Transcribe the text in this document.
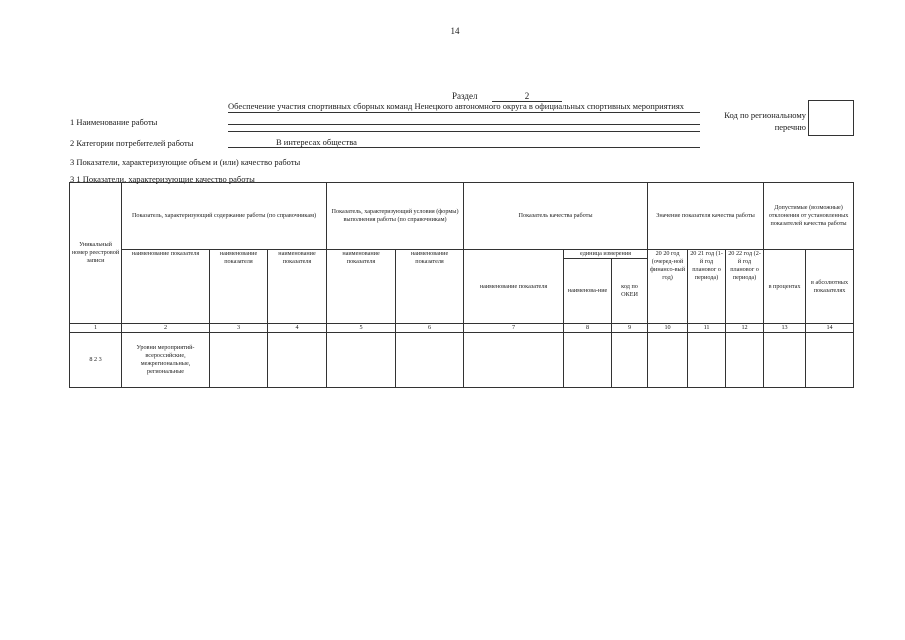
14
Раздел	2
1 Наименование работы
Обеспечение участия спортивных сборных команд Ненецкого автономного округа в официальных спортивных мероприятиях
Код по региональному перечню
2 Категории потребителей работы	В интересах общества
3 Показатели, характеризующие объем и (или) качество работы
3 1 Показатели, характеризующие качество работы
Уникальный номер реестровой записи	Показатель, характеризующий содержание работы (по справочникам)			Показатель, характеризующий условия (формы) выполнения работы (по справочникам)		Показатель качества работы			Значение показателя качества работы			Допустимые (возможные) отклонения от установленных показателей качества работы	
	наименование показателя	наименование показателя	наименование показателя	наименование показателя	наименование показателя	наименование показателя	единица измерения		20 20 год (очеред-ной финансо-вый год)	20 21 год (1-й год плановог о периода)	20 22 год (2-й год плановог о периода)	в процентах	в абсолютных показателях
							наименова-ние	код по ОКЕИ					
1	2	3	4	5	6	7	8	9	10	11	12	13	14
8 2 3	Уровни мероприятий- всероссийские, межрегиональные, региональные												
